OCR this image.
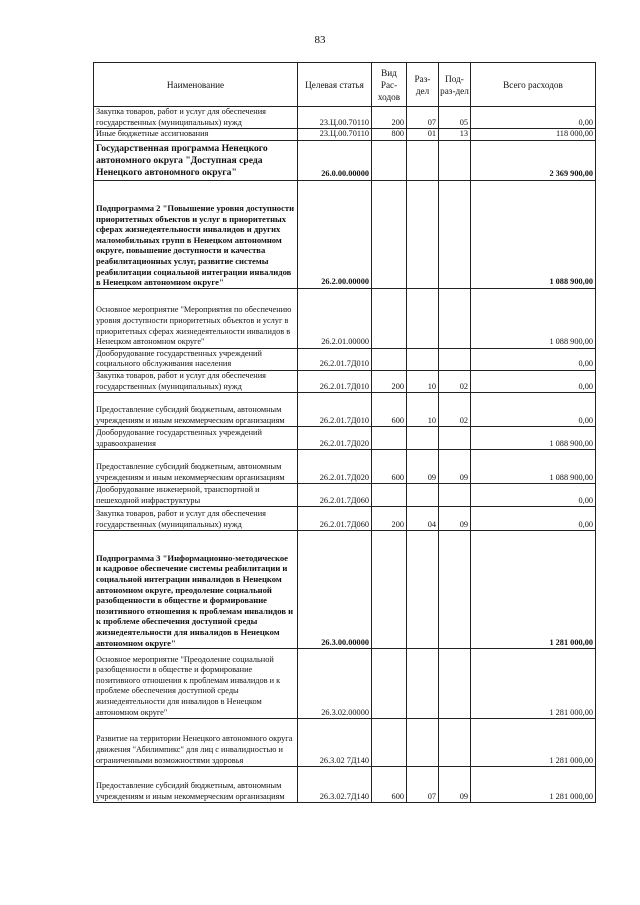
83
Наименование	Целевая статья	Вид Рас-ходов	Раз-дел	Под-раз-дел	Всего расходов
Закупка товаров, работ и услуг для обеспечения государственных (муниципальных) нужд	23.Ц.00.70110	200	07	05	0,00
Иные бюджетные ассигнования	23.Ц.00.70110	800	01	13	118 000,00
Государственная программа Ненецкого автономного округа "Доступная среда Ненецкого автономного округа"	26.0.00.00000				2 369 900,00
Подпрограмма 2 "Повышение уровня доступности приоритетных объектов и услуг в приоритетных сферах жизнедеятельности инвалидов и других маломобильных групп в Ненецком автономном округе, повышение доступности и качества реабилитационных услуг, развитие системы реабилитации социальной интеграции инвалидов в Ненецком автономном округе"	26.2.00.00000				1 088 900,00
Основное мероприятие "Мероприятия по обеспечению уровня доступности приоритетных объектов и услуг в приоритетных сферах жизнедеятельности инвалидов в Ненецком автономном округе"	26.2.01.00000				1 088 900,00
Дооборудование государственных учреждений социального обслуживания населения	26.2.01.7Д010				0,00
Закупка товаров, работ и услуг для обеспечения государственных (муниципальных) нужд	26.2.01.7Д010	200	10	02	0,00
Предоставление субсидий бюджетным, автономным учреждениям и иным некоммерческим организациям	26.2.01.7Д010	600	10	02	0,00
Дооборудование государственных учреждений здравоохранения	26.2.01.7Д020				1 088 900,00
Предоставление субсидий бюджетным, автономным учреждениям и иным некоммерческим организациям	26.2.01.7Д020	600	09	09	1 088 900,00
Дооборудование инженерной, транспортной и пешеходной инфраструктуры	26.2.01.7Д060				0,00
Закупка товаров, работ и услуг для обеспечения государственных (муниципальных) нужд	26.2.01.7Д060	200	04	09	0,00
Подпрограмма 3 "Информационно-методическое и кадровое обеспечение системы реабилитации и социальной интеграции инвалидов в Ненецком автономном округе, преодоление социальной разобщенности в обществе и формирование позитивного отношения к проблемам инвалидов и к проблеме обеспечения доступной среды жизнедеятельности для инвалидов в Ненецком автономном округе"	26.3.00.00000				1 281 000,00
Основное мероприятие "Преодоление социальной разобщенности в обществе и формирование позитивного отношения к проблемам инвалидов и к проблеме обеспечения доступной среды жизнедеятельности для инвалидов в Ненецком автономном округе"	26.3.02.00000				1 281 000,00
Развитие на территории Ненецкого автономного округа движения "Абилимпикс" для лиц с инвалидностью и ограниченными возможностями здоровья	26.3.02 7Д140				1 281 000,00
Предоставление субсидий бюджетным, автономным учреждениям и иным некоммерческим организациям	26.3.02.7Д140	600	07	09	1 281 000,00
